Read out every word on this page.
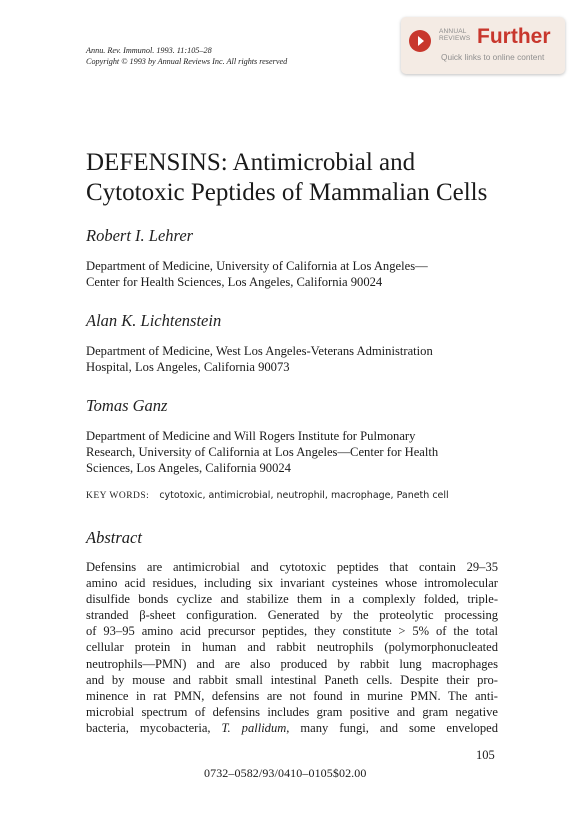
Annu. Rev. Immunol. 1993. 11:105–28
Copyright © 1993 by Annual Reviews Inc. All rights reserved
ANNUAL
REVIEWS Further
Quick links to online content
DEFENSINS: Antimicrobial and
Cytotoxic Peptides of Mammalian Cells
Robert I. Lehrer
Department of Medicine, University of California at Los Angeles—
Center for Health Sciences, Los Angeles, California 90024
Alan K. Lichtenstein
Department of Medicine, West Los Angeles-Veterans Administration
Hospital, Los Angeles, California 90073
Tomas Ganz
Department of Medicine and Will Rogers Institute for Pulmonary
Research, University of California at Los Angeles—Center for Health
Sciences, Los Angeles, California 90024
KEY WORDS: cytotoxic, antimicrobial, neutrophil, macrophage, Paneth cell
Abstract
Defensins are antimicrobial and cytotoxic peptides that contain 29–35
amino acid residues, including six invariant cysteines whose intromolecular
disulfide bonds cyclize and stabilize them in a complexly folded, triple-
stranded β-sheet configuration. Generated by the proteolytic processing
of 93–95 amino acid precursor peptides, they constitute > 5% of the total
cellular protein in human and rabbit neutrophils (polymorphonucleated
neutrophils—PMN) and are also produced by rabbit lung macrophages
and by mouse and rabbit small intestinal Paneth cells. Despite their pro-
minence in rat PMN, defensins are not found in murine PMN. The anti-
microbial spectrum of defensins includes gram positive and gram negative
bacteria, mycobacteria, T. pallidum, many fungi, and some enveloped
105
0732–0582/93/0410–0105$02.00
